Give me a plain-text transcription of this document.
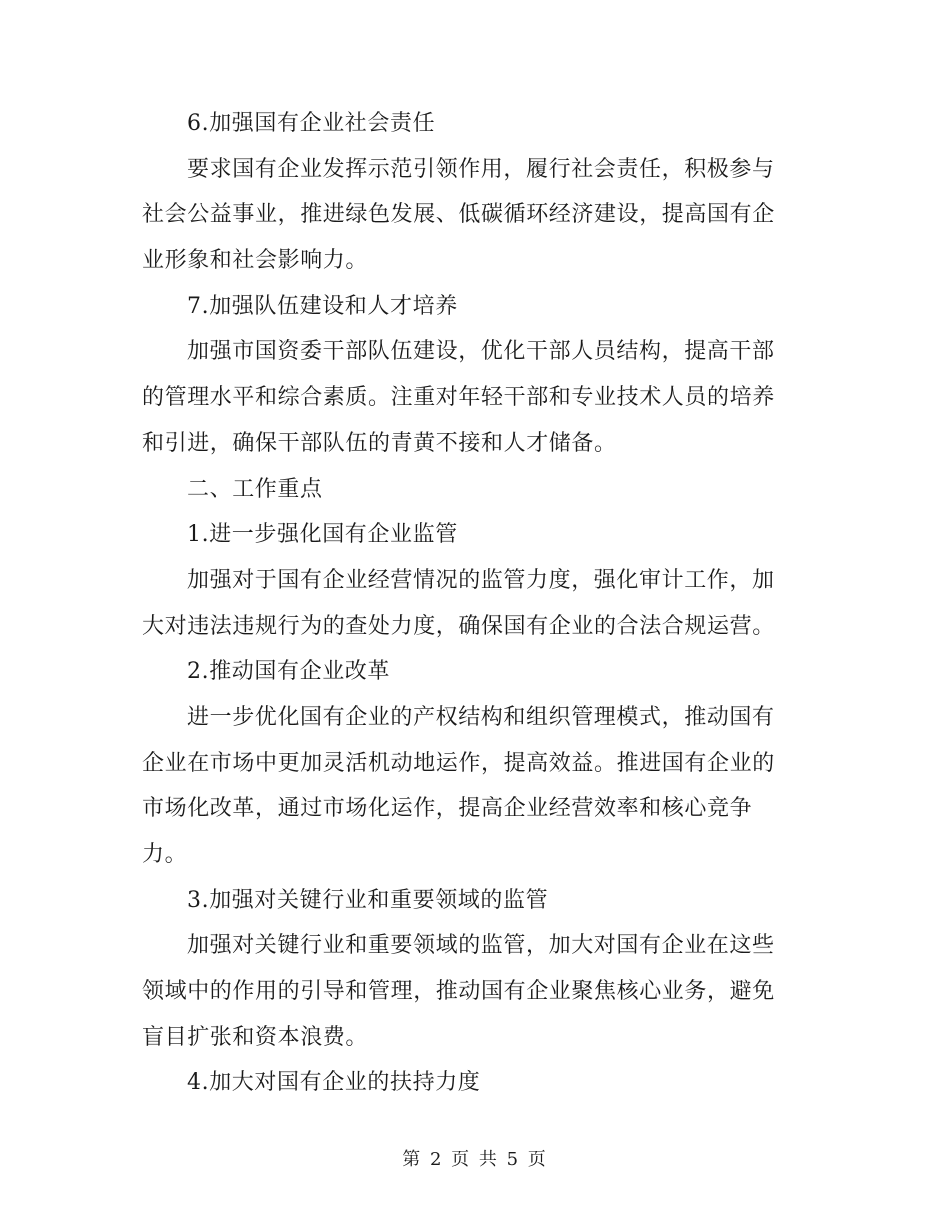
6.加强国有企业社会责任
要求国有企业发挥示范引领作用，履行社会责任，积极参与
社会公益事业，推进绿色发展、低碳循环经济建设，提高国有企
业形象和社会影响力。
7.加强队伍建设和人才培养
加强市国资委干部队伍建设，优化干部人员结构，提高干部
的管理水平和综合素质。注重对年轻干部和专业技术人员的培养
和引进，确保干部队伍的青黄不接和人才储备。
二、工作重点
1.进一步强化国有企业监管
加强对于国有企业经营情况的监管力度，强化审计工作，加
大对违法违规行为的查处力度，确保国有企业的合法合规运营。
2.推动国有企业改革
进一步优化国有企业的产权结构和组织管理模式，推动国有
企业在市场中更加灵活机动地运作，提高效益。推进国有企业的
市场化改革，通过市场化运作，提高企业经营效率和核心竞争
力。
3.加强对关键行业和重要领域的监管
加强对关键行业和重要领域的监管，加大对国有企业在这些
领域中的作用的引导和管理，推动国有企业聚焦核心业务，避免
盲目扩张和资本浪费。
4.加大对国有企业的扶持力度
第 2 页 共 5 页
